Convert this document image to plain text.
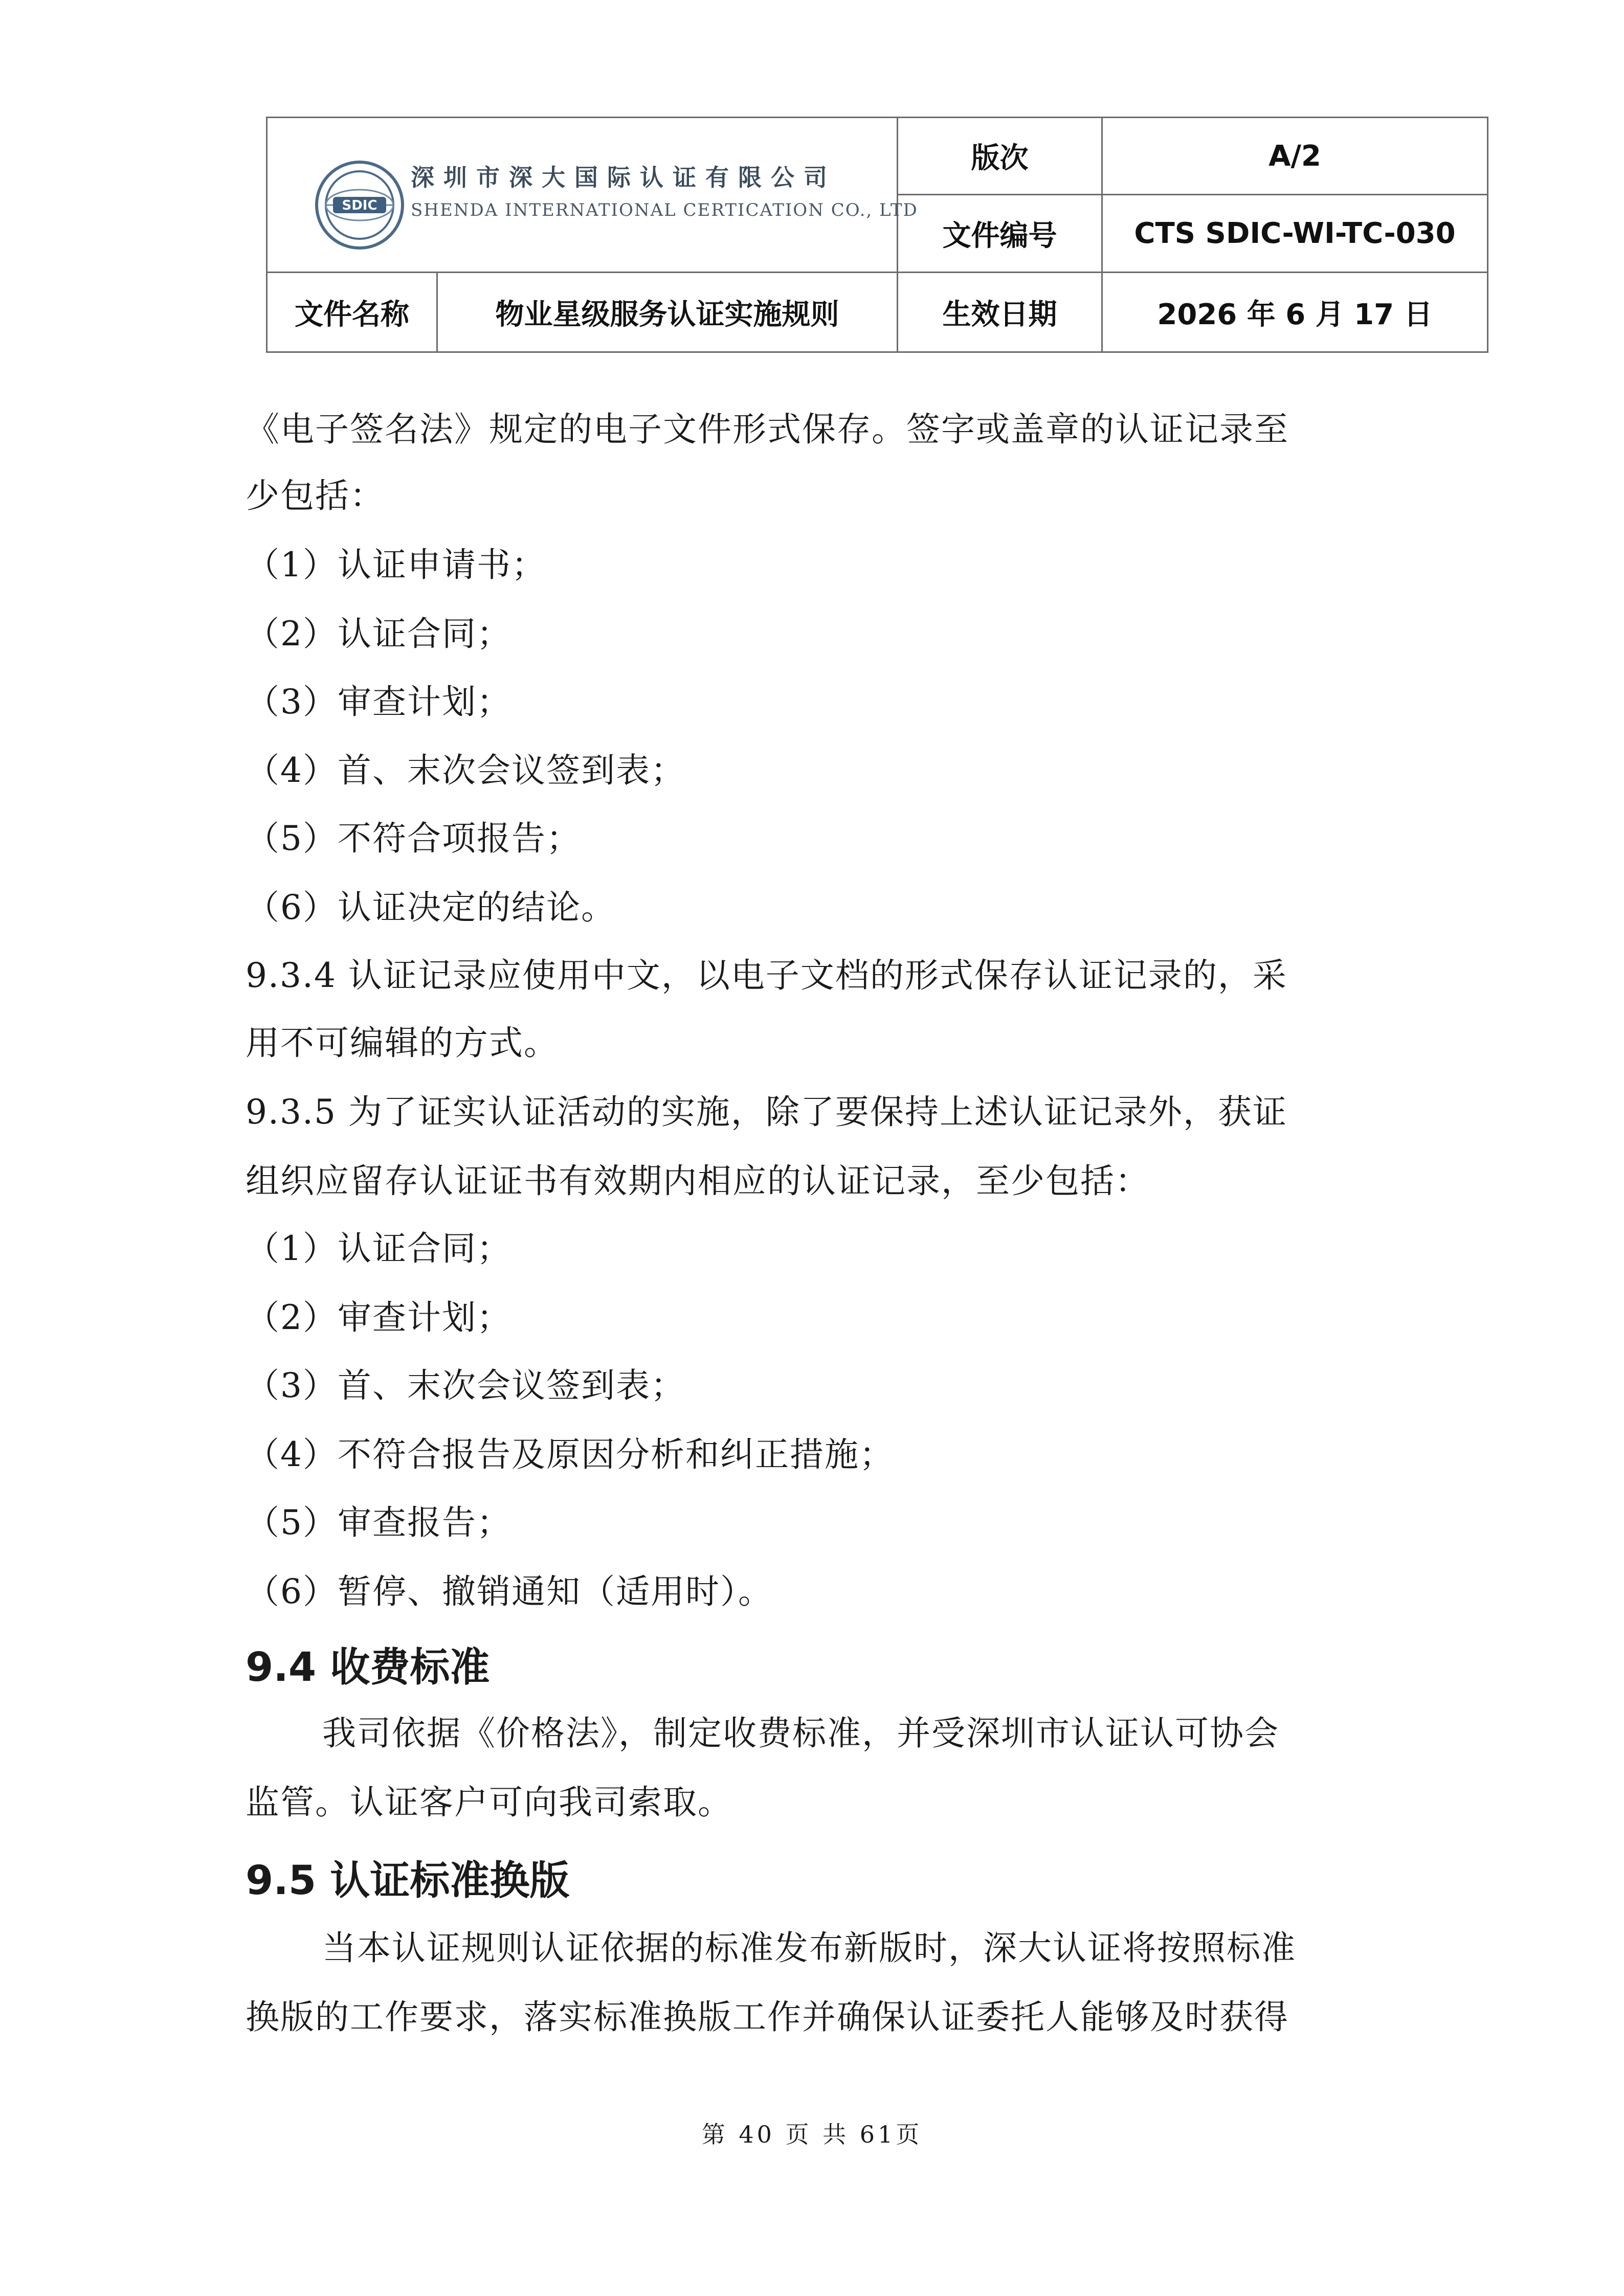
SDIC
深圳市深大国际认证有限公司
SHENDA INTERNATIONAL CERTICATION CO., LTD
版次	A/2
文件编号	CTS SDIC-WI-TC-030
文件名称	物业星级服务认证实施规则	生效日期	2026 年 6 月 17 日
《电子签名法》规定的电子文件形式保存。签字或盖章的认证记录至
少包括：
（1）认证申请书；
（2）认证合同；
（3）审查计划；
（4）首、末次会议签到表；
（5）不符合项报告；
（6）认证决定的结论。
9.3.4 认证记录应使用中文，以电子文档的形式保存认证记录的，采
用不可编辑的方式。
9.3.5 为了证实认证活动的实施，除了要保持上述认证记录外，获证
组织应留存认证证书有效期内相应的认证记录，至少包括：
（1）认证合同；
（2）审查计划；
（3）首、末次会议签到表；
（4）不符合报告及原因分析和纠正措施；
（5）审查报告；
（6）暂停、撤销通知（适用时）。
9.4 收费标准
我司依据《价格法》，制定收费标准，并受深圳市认证认可协会
监管。认证客户可向我司索取。
9.5 认证标准换版
当本认证规则认证依据的标准发布新版时，深大认证将按照标准
换版的工作要求，落实标准换版工作并确保认证委托人能够及时获得
第 40 页 共 61页
